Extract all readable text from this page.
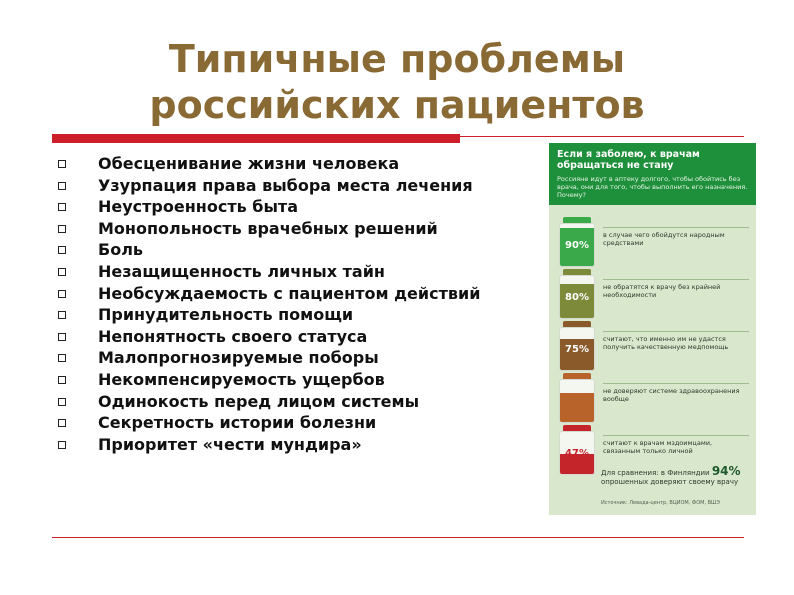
Типичные проблемы
российских пациентов
Обесценивание жизни человека
Узурпация права выбора места лечения
Неустроенность быта
Монопольность врачебных решений
Боль
Незащищенность личных тайн
Необсуждаемость с пациентом действий
Принудительность помощи
Непонятность своего статуса
Малопрогнозируемые поборы
Некомпенсируемость ущербов
Одинокость перед лицом системы
Секретность истории болезни
Приоритет «чести мундира»
Если я заболею, к врачам обращаться не стану
Россияне идут в аптеку долгого, чтобы обойтись без врача, они для того, чтобы выполнить его назначения. Почему?
90%
в случае чего обойдутся народным средствами
80%
не обратятся к врачу без крайней необходимости
75%
считают, что именно им не удастся получить качественную медпомощь
68%
не доверяют системе здравоохранения вообще
47%
считают к врачам мздоимцами, связанным только личной
Для сравнения: в Финляндии 94%
опрошенных доверяют своему врачу
Источник: Левада-центр, ВЦИОМ, ФОМ, ВШЭ
